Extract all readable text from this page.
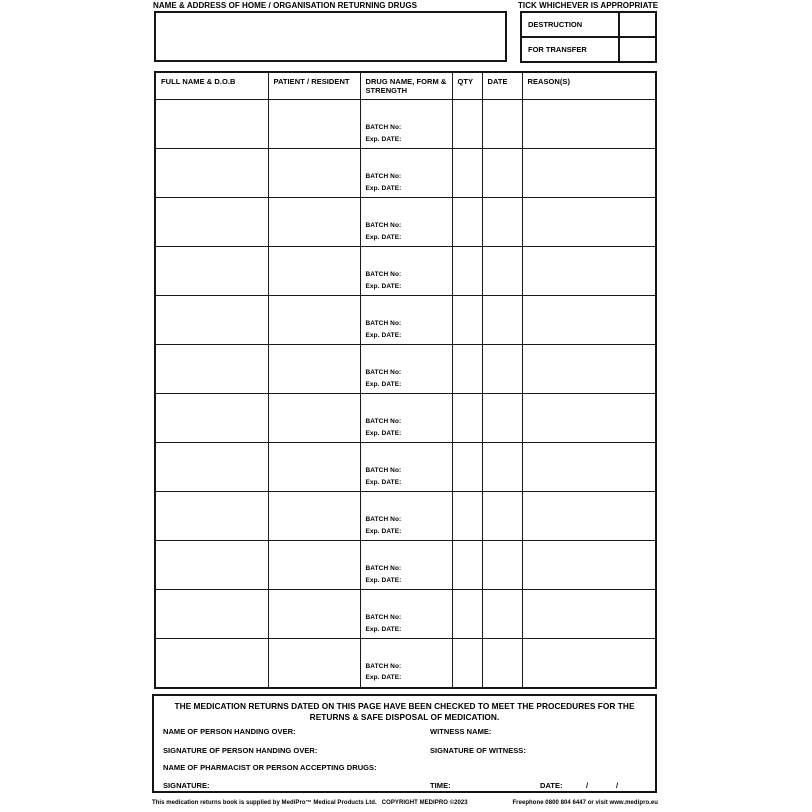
NAME & ADDRESS OF HOME / ORGANISATION RETURNING DRUGS	TICK WHICHEVER IS APPROPRIATE
DESTRUCTION	
FOR TRANSFER	
FULL NAME & D.O.B	PATIENT / RESIDENT	DRUG NAME, FORM & STRENGTH	QTY	DATE	REASON(S)

		BATCH No:
Exp. DATE:			

		BATCH No:
Exp. DATE:			

		BATCH No:
Exp. DATE:			

		BATCH No:
Exp. DATE:			

		BATCH No:
Exp. DATE:			

		BATCH No:
Exp. DATE:			

		BATCH No:
Exp. DATE:			

		BATCH No:
Exp. DATE:			

		BATCH No:
Exp. DATE:			

		BATCH No:
Exp. DATE:			

		BATCH No:
Exp. DATE:			

		BATCH No:
Exp. DATE:			

THE MEDICATION RETURNS DATED ON THIS PAGE HAVE BEEN CHECKED TO MEET THE PROCEDURES FOR THE
RETURNS & SAFE DISPOSAL OF MEDICATION.
NAME OF PERSON HANDING OVER:	WITNESS NAME:
SIGNATURE OF PERSON HANDING OVER:	SIGNATURE OF WITNESS:
NAME OF PHARMACIST OR PERSON ACCEPTING DRUGS:
SIGNATURE:	TIME:	DATE:	/	/
This medication returns book is supplied by MediPro™ Medical Products Ltd. COPYRIGHT MEDIPRO ©2023	Freephone 0800 804 6447 or visit www.medipro.eu
